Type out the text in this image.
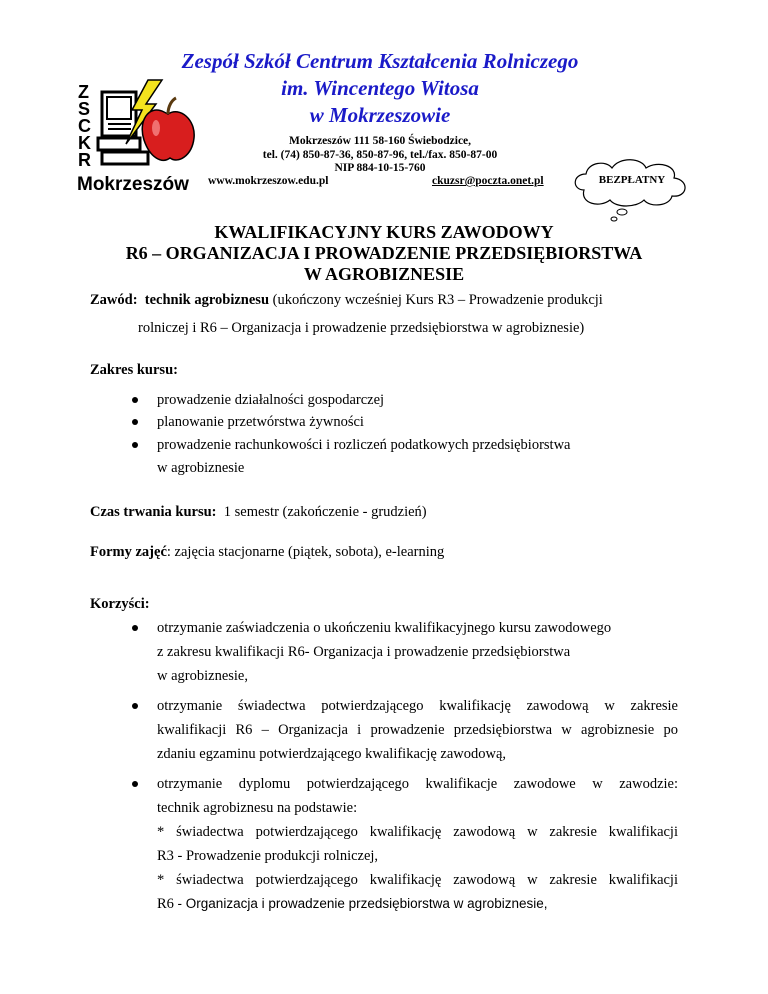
Z
S
C
K
R
Mokrzeszów
Zespół Szkół Centrum Kształcenia Rolniczego
im. Wincentego Witosa
w Mokrzeszowie
Mokrzeszów 111 58-160 Świebodzice,
tel. (74) 850-87-36, 850-87-96, tel./fax. 850-87-00
NIP 884-10-15-760
www.mokrzeszow.edu.pl	ckuzsr@poczta.onet.pl	BEZPŁATNY
KWALIFIKACYJNY KURS ZAWODOWY
R6 – ORGANIZACJA I PROWADZENIE PRZEDSIĘBIORSTWA
W AGROBIZNESIE
Zawód: technik agrobiznesu (ukończony wcześniej Kurs R3 – Prowadzenie produkcji
rolniczej i R6 – Organizacja i prowadzenie przedsiębiorstwa w agrobiznesie)
Zakres kursu:
prowadzenie działalności gospodarczej
planowanie przetwórstwa żywności
prowadzenie rachunkowości i rozliczeń podatkowych przedsiębiorstwa
w agrobiznesie
Czas trwania kursu: 1 semestr (zakończenie - grudzień)
Formy zajęć: zajęcia stacjonarne (piątek, sobota), e-learning
Korzyści:
otrzymanie zaświadczenia o ukończeniu kwalifikacyjnego kursu zawodowego
z zakresu kwalifikacji R6- Organizacja i prowadzenie przedsiębiorstwa
w agrobiznesie,
otrzymanie świadectwa potwierdzającego kwalifikację zawodową w zakresie
kwalifikacji R6 – Organizacja i prowadzenie przedsiębiorstwa w agrobiznesie po
zdaniu egzaminu potwierdzającego kwalifikację zawodową,
otrzymanie dyplomu potwierdzającego kwalifikacje zawodowe w zawodzie:
technik agrobiznesu na podstawie:
* świadectwa potwierdzającego kwalifikację zawodową w zakresie kwalifikacji
R3 - Prowadzenie produkcji rolniczej,
* świadectwa potwierdzającego kwalifikację zawodową w zakresie kwalifikacji
R6 - Organizacja i prowadzenie przedsiębiorstwa w agrobiznesie,
